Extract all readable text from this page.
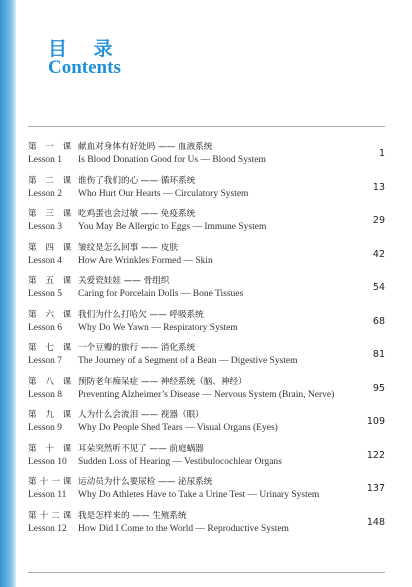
目 录
Contents
第 一 课 献血对身体有好处吗 —— 血液系统
Lesson 1 Is Blood Donation Good for Us — Blood System
1
第 二 课 谁伤了我们的心 —— 循环系统
Lesson 2 Who Hurt Our Hearts — Circulatory System
13
第 三 课 吃鸡蛋也会过敏 —— 免疫系统
Lesson 3 You May Be Allergic to Eggs — Immune System
29
第 四 课 皱纹是怎么回事 —— 皮肤
Lesson 4 How Are Wrinkles Formed — Skin
42
第 五 课 关爱瓷娃娃 —— 骨组织
Lesson 5 Caring for Porcelain Dolls — Bone Tissues
54
第 六 课 我们为什么打哈欠 —— 呼吸系统
Lesson 6 Why Do We Yawn — Respiratory System
68
第 七 课 一个豆瓣的旅行 —— 消化系统
Lesson 7 The Journey of a Segment of a Bean — Digestive System
81
第 八 课 预防老年痴呆症 —— 神经系统（脑、神经）
Lesson 8 Preventing Alzheimer’s Disease — Nervous System (Brain, Nerve)
95
第 九 课 人为什么会流泪 —— 视器（眼）
Lesson 9 Why Do People Shed Tears — Visual Organs (Eyes)
109
第 十 课 耳朵突然听不见了 —— 前庭蜗器
Lesson 10 Sudden Loss of Hearing — Vestibulocochlear Organs
122
第十一课 运动员为什么要尿检 —— 泌尿系统
Lesson 11 Why Do Athletes Have to Take a Urine Test — Urinary System
137
第十二课 我是怎样来的 —— 生殖系统
Lesson 12 How Did I Come to the World — Reproductive System
148
